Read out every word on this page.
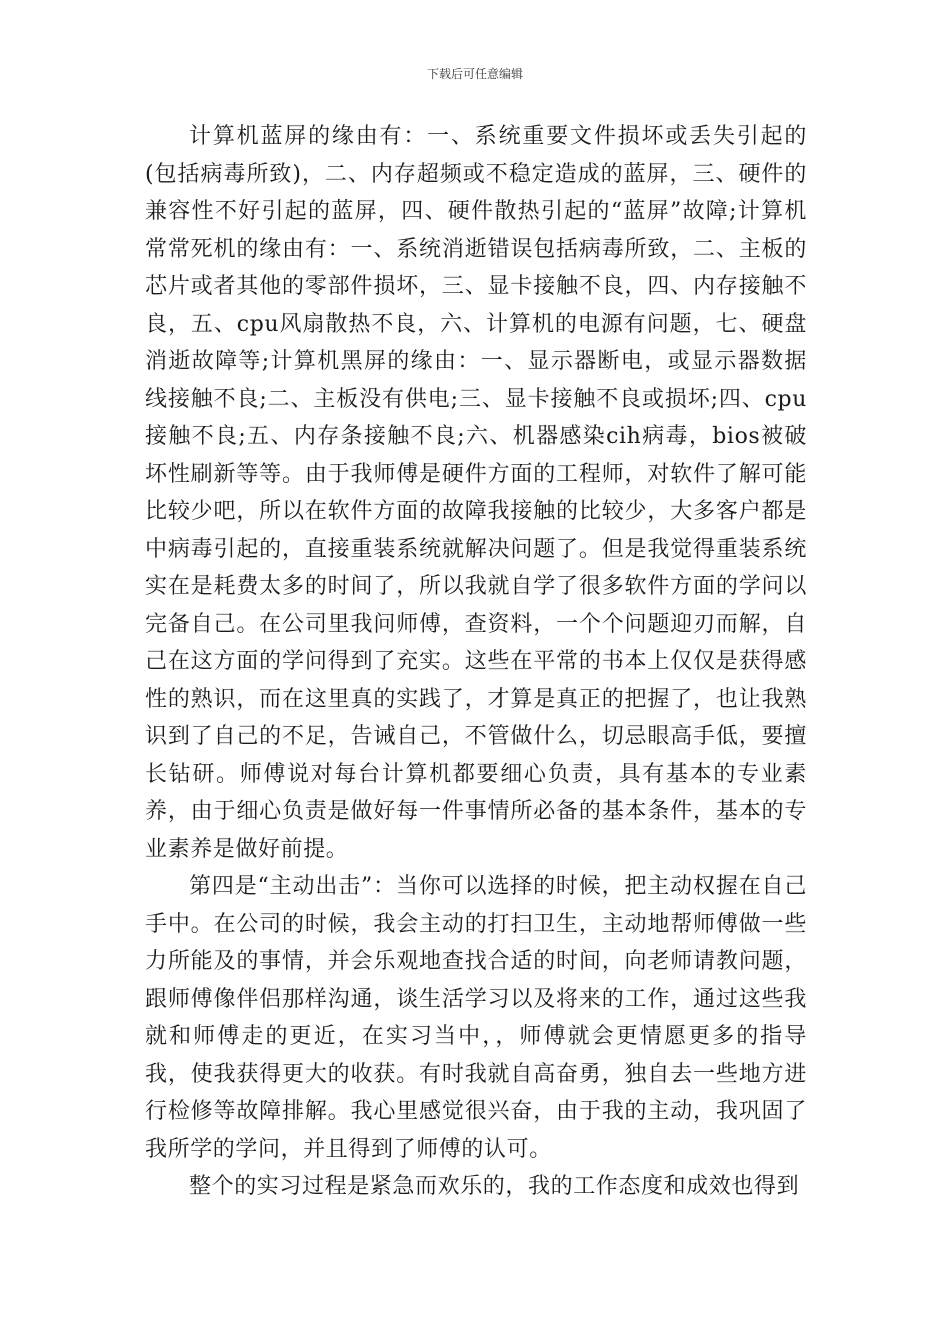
下载后可任意编辑

计算机蓝屏的缘由有：一、系统重要文件损坏或丢失引起的(包括病毒所致)，二、内存超频或不稳定造成的蓝屏，三、硬件的兼容性不好引起的蓝屏，四、硬件散热引起的“蓝屏”故障;计算机常常死机的缘由有：一、系统消逝错误包括病毒所致，二、主板的芯片或者其他的零部件损坏，三、显卡接触不良，四、内存接触不良，五、cpu风扇散热不良，六、计算机的电源有问题，七、硬盘消逝故障等;计算机黑屏的缘由：一、显示器断电，或显示器数据线接触不良;二、主板没有供电;三、显卡接触不良或损坏;四、cpu接触不良;五、内存条接触不良;六、机器感染cih病毒，bios被破坏性刷新等等。由于我师傅是硬件方面的工程师，对软件了解可能比较少吧，所以在软件方面的故障我接触的比较少，大多客户都是中病毒引起的，直接重装系统就解决问题了。但是我觉得重装系统实在是耗费太多的时间了，所以我就自学了很多软件方面的学问以完备自己。在公司里我问师傅，查资料，一个个问题迎刃而解，自己在这方面的学问得到了充实。这些在平常的书本上仅仅是获得感性的熟识，而在这里真的实践了，才算是真正的把握了，也让我熟识到了自己的不足，告诫自己，不管做什么，切忌眼高手低，要擅长钻研。师傅说对每台计算机都要细心负责，具有基本的专业素养，由于细心负责是做好每一件事情所必备的基本条件，基本的专业素养是做好前提。

第四是“主动出击”：当你可以选择的时候，把主动权握在自己手中。在公司的时候，我会主动的打扫卫生，主动地帮师傅做一些力所能及的事情，并会乐观地查找合适的时间，向老师请教问题，跟师傅像伴侣那样沟通，谈生活学习以及将来的工作，通过这些我就和师傅走的更近，在实习当中，，师傅就会更情愿更多的指导我，使我获得更大的收获。有时我就自高奋勇，独自去一些地方进行检修等故障排解。我心里感觉很兴奋，由于我的主动，我巩固了我所学的学问，并且得到了师傅的认可。

整个的实习过程是紧急而欢乐的，我的工作态度和成效也得到
